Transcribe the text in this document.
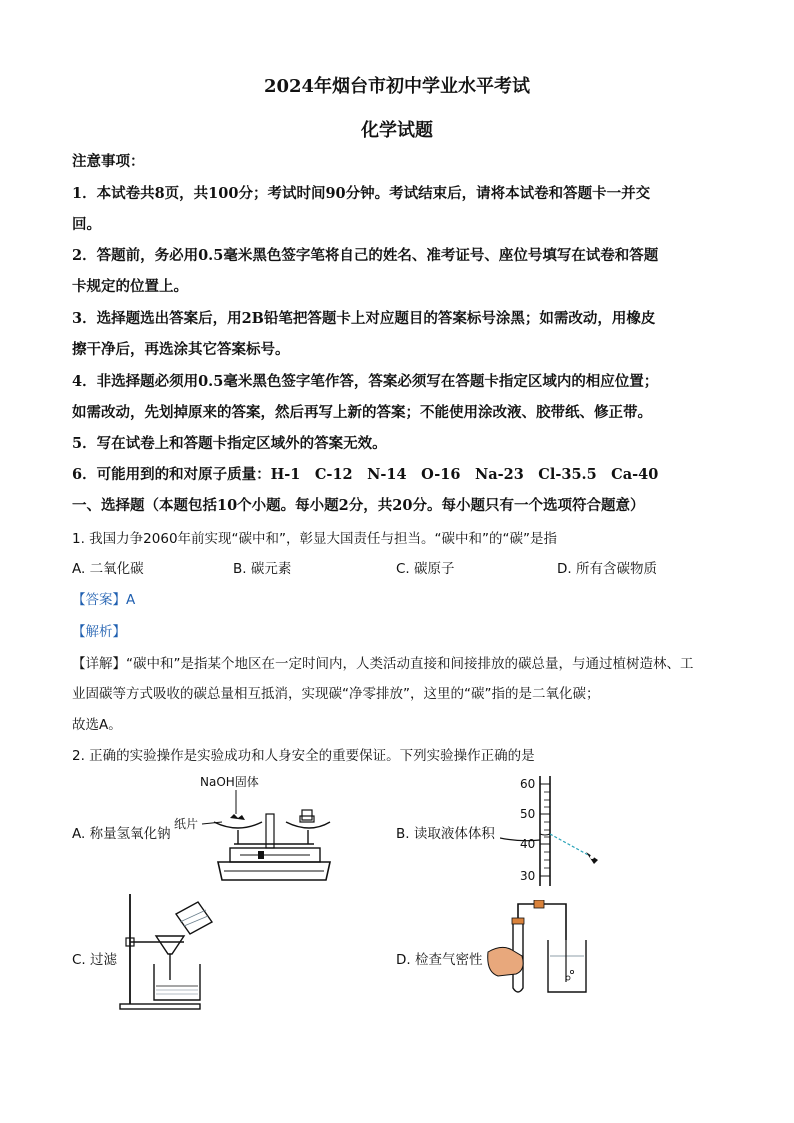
2024年烟台市初中学业水平考试
化学试题
注意事项：
1．本试卷共8页，共100分；考试时间90分钟。考试结束后，请将本试卷和答题卡一并交
回。
2．答题前，务必用0.5毫米黑色签字笔将自己的姓名、准考证号、座位号填写在试卷和答题
卡规定的位置上。
3．选择题选出答案后，用2B铅笔把答题卡上对应题目的答案标号涂黑；如需改动，用橡皮
擦干净后，再选涂其它答案标号。
4．非选择题必须用0.5毫米黑色签字笔作答，答案必须写在答题卡指定区域内的相应位置；
如需改动，先划掉原来的答案，然后再写上新的答案；不能使用涂改液、胶带纸、修正带。
5．写在试卷上和答题卡指定区域外的答案无效。
6．可能用到的和对原子质量：H-1　C-12　N-14　O-16　Na-23　Cl-35.5　Ca-40
一、选择题（本题包括10个小题。每小题2分，共20分。每小题只有一个选项符合题意）
1. 我国力争2060年前实现“碳中和”，彰显大国责任与担当。“碳中和”的“碳”是指
A. 二氧化碳	B. 碳元素	C. 碳原子	D. 所有含碳物质
【答案】A
【解析】
【详解】“碳中和”是指某个地区在一定时间内，人类活动直接和间接排放的碳总量，与通过植树造林、工
业固碳等方式吸收的碳总量相互抵消，实现碳“净零排放”，这里的“碳”指的是二氧化碳；
故选A。
2. 正确的实验操作是实验成功和人身安全的重要保证。下列实验操作正确的是
A. 称量氢氧化钠
NaOH固体
纸片
B. 读取液体体积
60
50
40
30
C. 过滤	D. 检查气密性
